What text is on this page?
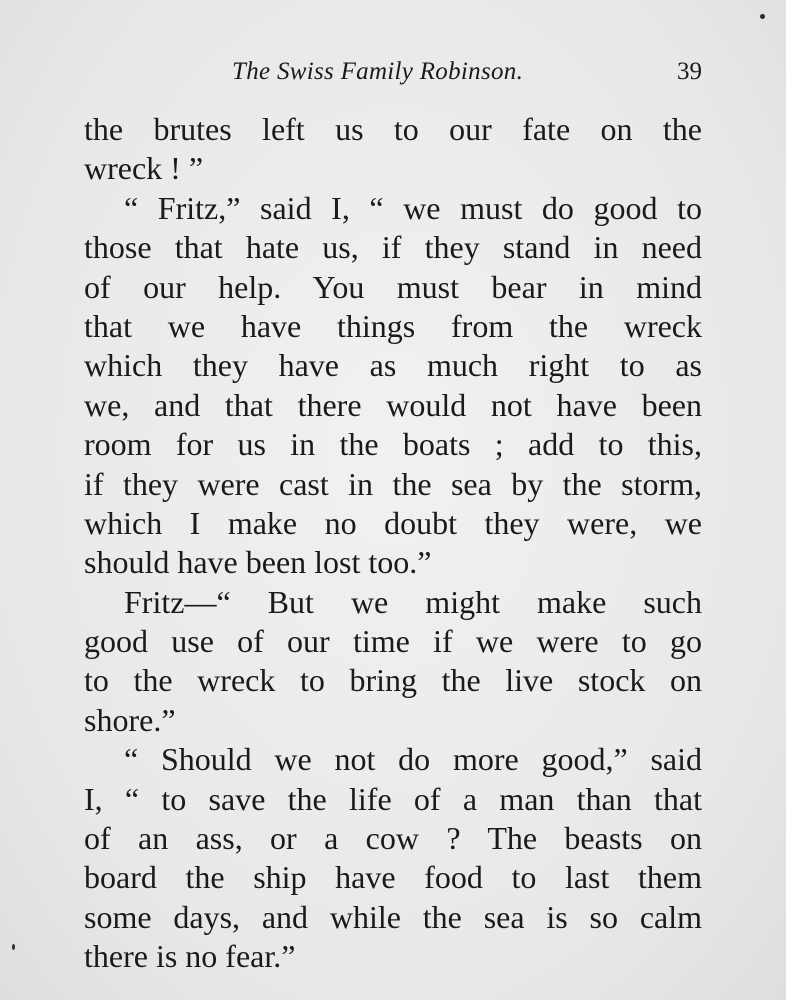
The Swiss Family Robinson.	39
the brutes left us to our fate on the
wreck ! ”
“ Fritz,” said I, “ we must do good to
those that hate us, if they stand in need
of our help. You must bear in mind
that we have things from the wreck
which they have as much right to as
we, and that there would not have been
room for us in the boats ; add to this,
if they were cast in the sea by the storm,
which I make no doubt they were, we
should have been lost too.”
Fritz—“ But we might make such
good use of our time if we were to go
to the wreck to bring the live stock on
shore.”
“ Should we not do more good,” said
I, “ to save the life of a man than that
of an ass, or a cow ? The beasts on
board the ship have food to last them
some days, and while the sea is so calm
there is no fear.”
